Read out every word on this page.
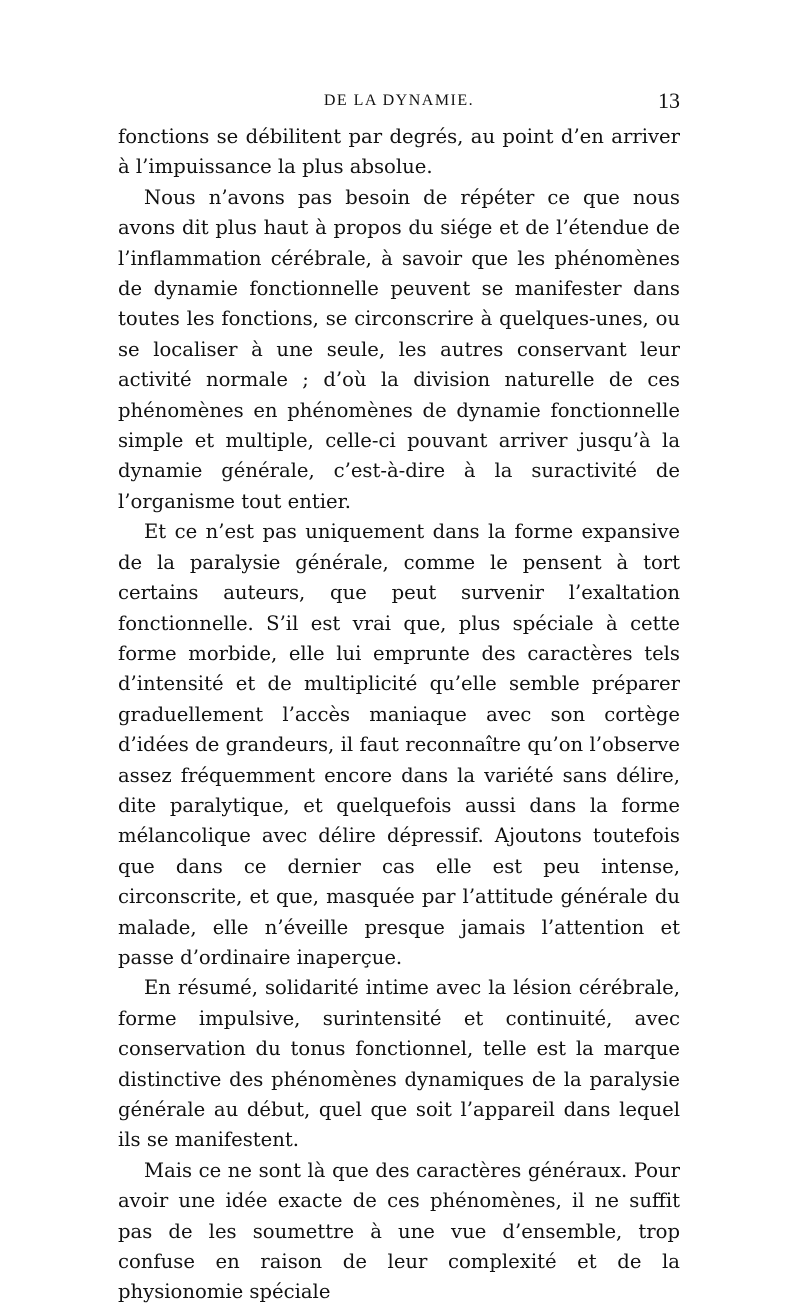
DE LA DYNAMIE.	13

fonctions se débilitent par degrés, au point d’en arriver à l’impuissance la plus absolue.

Nous n’avons pas besoin de répéter ce que nous avons dit plus haut à propos du siége et de l’étendue de l’inflammation cérébrale, à savoir que les phénomènes de dynamie fonctionnelle peuvent se manifester dans toutes les fonctions, se circonscrire à quelques-unes, ou se localiser à une seule, les autres conservant leur activité normale ; d’où la division naturelle de ces phénomènes en phénomènes de dynamie fonctionnelle simple et multiple, celle-ci pouvant arriver jusqu’à la dynamie générale, c’est-à-dire à la suractivité de l’organisme tout entier.

Et ce n’est pas uniquement dans la forme expansive de la paralysie générale, comme le pensent à tort certains auteurs, que peut survenir l’exaltation fonctionnelle. S’il est vrai que, plus spéciale à cette forme morbide, elle lui emprunte des caractères tels d’intensité et de multiplicité qu’elle semble préparer graduellement l’accès maniaque avec son cortège d’idées de grandeurs, il faut reconnaître qu’on l’observe assez fréquemment encore dans la variété sans délire, dite paralytique, et quelquefois aussi dans la forme mélancolique avec délire dépressif. Ajoutons toutefois que dans ce dernier cas elle est peu intense, circonscrite, et que, masquée par l’attitude générale du malade, elle n’éveille presque jamais l’attention et passe d’ordinaire inaperçue.

En résumé, solidarité intime avec la lésion cérébrale, forme impulsive, surintensité et continuité, avec conservation du tonus fonctionnel, telle est la marque distinctive des phénomènes dynamiques de la paralysie générale au début, quel que soit l’appareil dans lequel ils se manifestent.

Mais ce ne sont là que des caractères généraux. Pour avoir une idée exacte de ces phénomènes, il ne suffit pas de les soumettre à une vue d’ensemble, trop confuse en raison de leur complexité et de la physionomie spéciale
